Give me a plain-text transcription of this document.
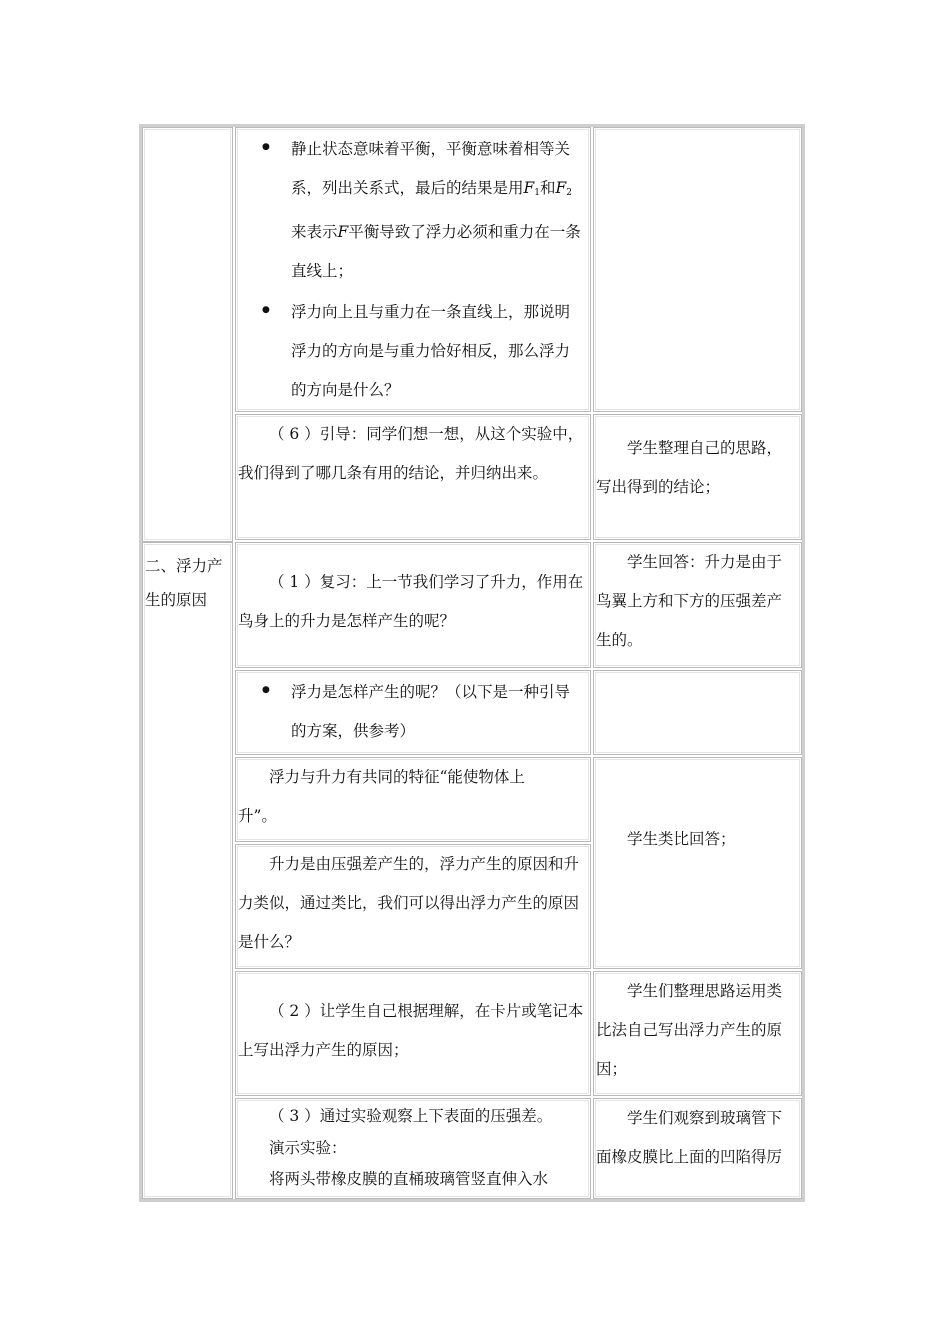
二、浮力产生的原因
● 静止状态意味着平衡，平衡意味着相等关系，列出关系式，最后的结果是用$F_1$和$F_2$来表示F平衡导致了浮力必须和重力在一条直线上；
● 浮力向上且与重力在一条直线上，那说明浮力的方向是与重力恰好相反，那么浮力的方向是什么？
（ 6 ）引导：同学们想一想，从这个实验中，我们得到了哪几条有用的结论，并归纳出来。
学生整理自己的思路，写出得到的结论；
（ 1 ）复习：上一节我们学习了升力，作用在鸟身上的升力是怎样产生的呢？
学生回答：升力是由于鸟翼上方和下方的压强差产生的。
● 浮力是怎样产生的呢？（以下是一种引导的方案，供参考）
浮力与升力有共同的特征“能使物体上升”。
升力是由压强差产生的，浮力产生的原因和升力类似，通过类比，我们可以得出浮力产生的原因是什么？
学生类比回答；
（ 2 ）让学生自己根据理解，在卡片或笔记本上写出浮力产生的原因；
学生们整理思路运用类比法自己写出浮力产生的原因；
（ 3 ）通过实验观察上下表面的压强差。
演示实验：
将两头带橡皮膜的直桶玻璃管竖直伸入水
学生们观察到玻璃管下面橡皮膜比上面的凹陷得厉
